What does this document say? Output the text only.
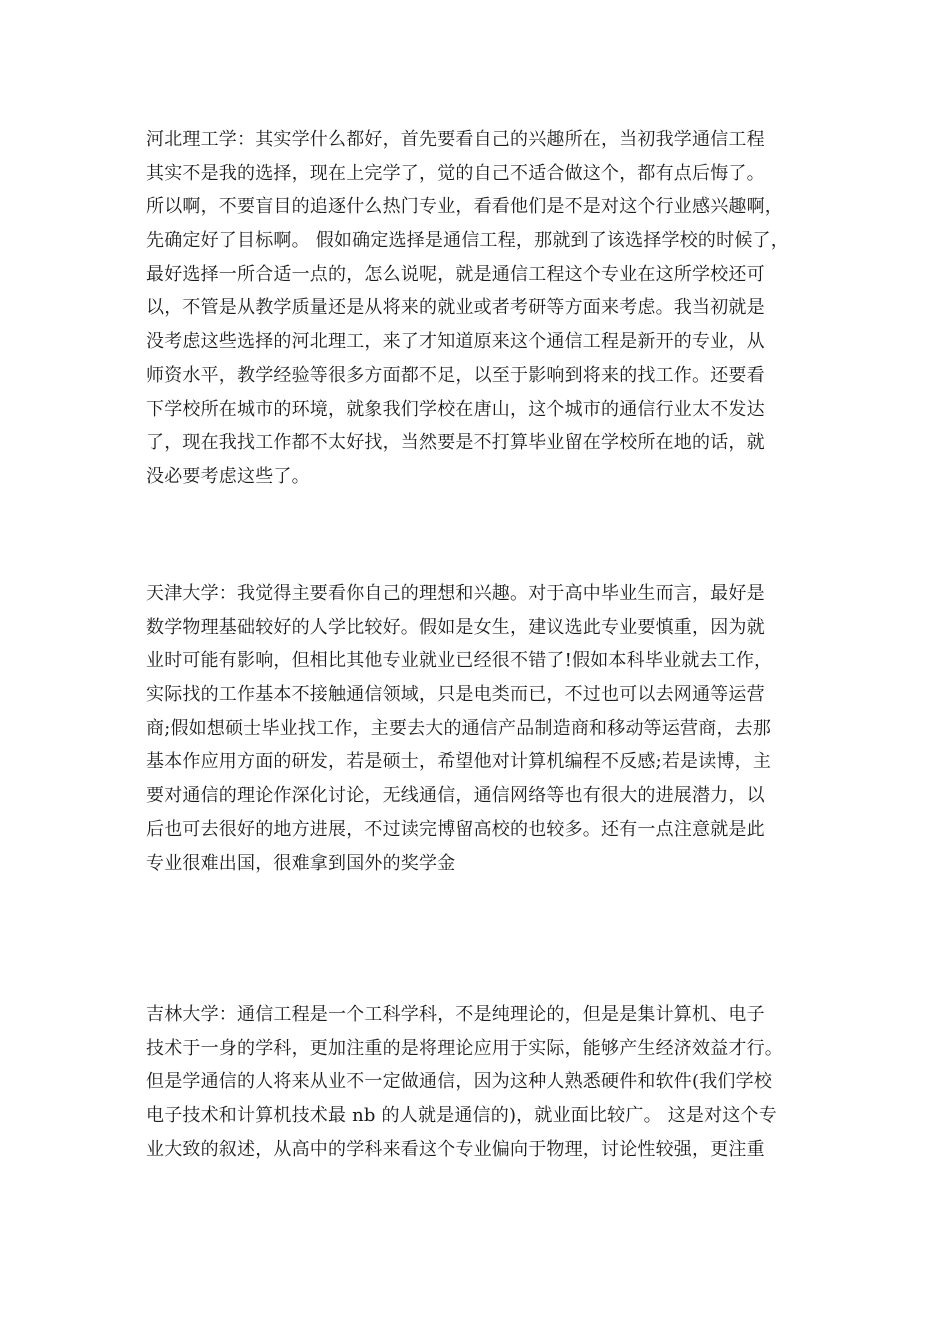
河北理工学：其实学什么都好，首先要看自己的兴趣所在，当初我学通信工程
其实不是我的选择，现在上完学了，觉的自己不适合做这个，都有点后悔了。
所以啊，不要盲目的追逐什么热门专业，看看他们是不是对这个行业感兴趣啊，
先确定好了目标啊。 假如确定选择是通信工程，那就到了该选择学校的时候了，
最好选择一所合适一点的，怎么说呢，就是通信工程这个专业在这所学校还可
以，不管是从教学质量还是从将来的就业或者考研等方面来考虑。我当初就是
没考虑这些选择的河北理工，来了才知道原来这个通信工程是新开的专业，从
师资水平，教学经验等很多方面都不足，以至于影响到将来的找工作。还要看
下学校所在城市的环境，就象我们学校在唐山，这个城市的通信行业太不发达
了，现在我找工作都不太好找，当然要是不打算毕业留在学校所在地的话，就
没必要考虑这些了。
天津大学：我觉得主要看你自己的理想和兴趣。对于高中毕业生而言，最好是
数学物理基础较好的人学比较好。假如是女生，建议选此专业要慎重，因为就
业时可能有影响，但相比其他专业就业已经很不错了!假如本科毕业就去工作，
实际找的工作基本不接触通信领域，只是电类而已，不过也可以去网通等运营
商;假如想硕士毕业找工作，主要去大的通信产品制造商和移动等运营商，去那
基本作应用方面的研发，若是硕士，希望他对计算机编程不反感;若是读博，主
要对通信的理论作深化讨论，无线通信，通信网络等也有很大的进展潜力，以
后也可去很好的地方进展，不过读完博留高校的也较多。还有一点注意就是此
专业很难出国，很难拿到国外的奖学金
吉林大学：通信工程是一个工科学科，不是纯理论的，但是是集计算机、电子
技术于一身的学科，更加注重的是将理论应用于实际，能够产生经济效益才行。
但是学通信的人将来从业不一定做通信，因为这种人熟悉硬件和软件(我们学校
电子技术和计算机技术最 nb 的人就是通信的)，就业面比较广。 这是对这个专
业大致的叙述，从高中的学科来看这个专业偏向于物理，讨论性较强，更注重
